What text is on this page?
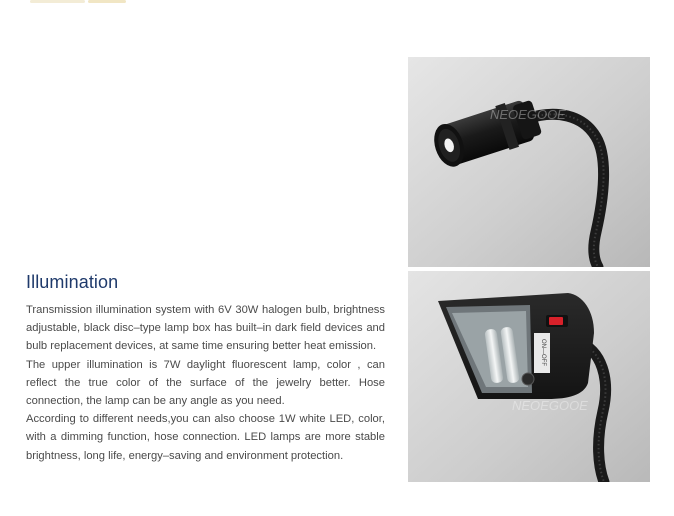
Illumination

Transmission illumination system with 6V 30W halogen bulb, brightness adjustable, black disc–type lamp box has built–in dark field devices and bulb replacement devices, at same time ensuring better heat emission.

The upper illumination is 7W daylight fluorescent lamp, color , can reflect the true color of the surface of the jewelry better. Hose connection, the lamp can be any angle as you need.

According to different needs,you can also choose 1W white LED, color, with a dimming function, hose connection. LED lamps are more stable brightness, long life, energy–saving and environment protection.

NEOEGOOE
ON—OFF
NEOEGOOE
